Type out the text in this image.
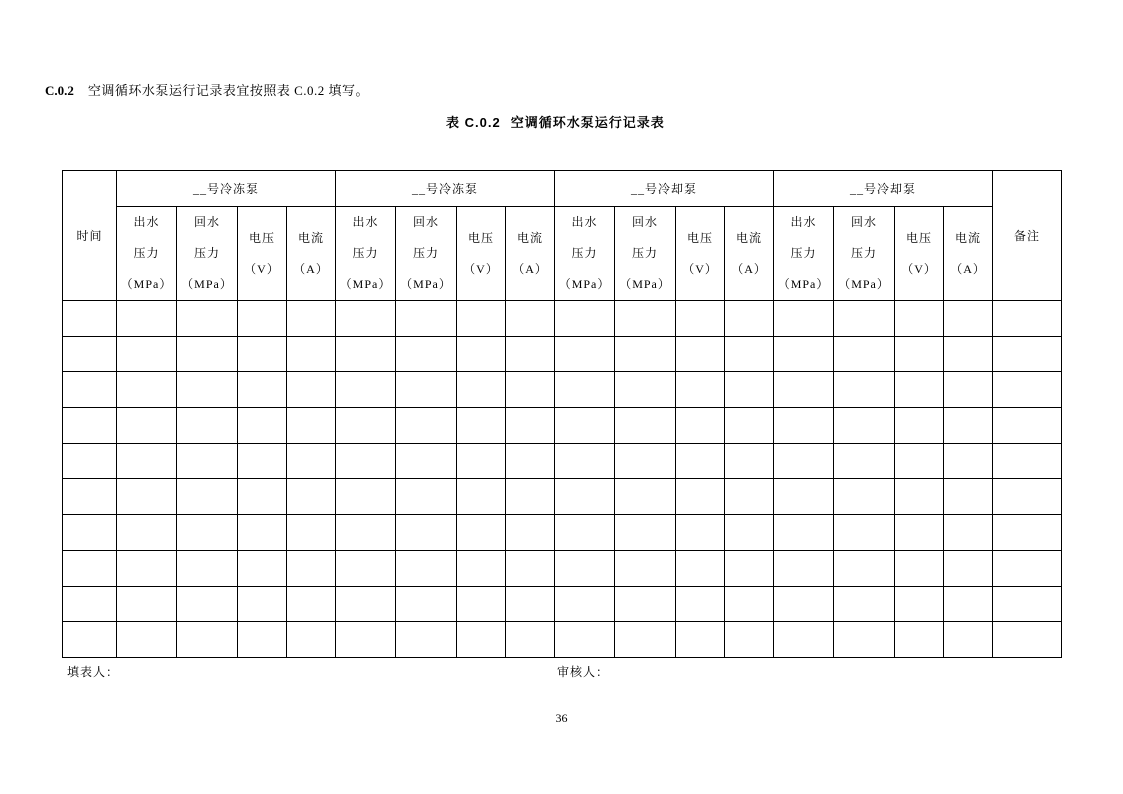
C.0.2 空调循环水泵运行记录表宜按照表 C.0.2 填写。
表 C.0.2 空调循环水泵运行记录表
时间	__号冷冻泵				__号冷冻泵				__号冷却泵				__号冷却泵				备注

	出水
压力
（MPa）	回水
压力
（MPa）	电压
（V）	电流
（A）	出水
压力
（MPa）	回水
压力
（MPa）	电压
（V）	电流
（A）	出水
压力
（MPa）	回水
压力
（MPa）	电压
（V）	电流
（A）	出水
压力
（MPa）	回水
压力
（MPa）	电压
（V）	电流
（A）	

填表人：	审核人：
36
